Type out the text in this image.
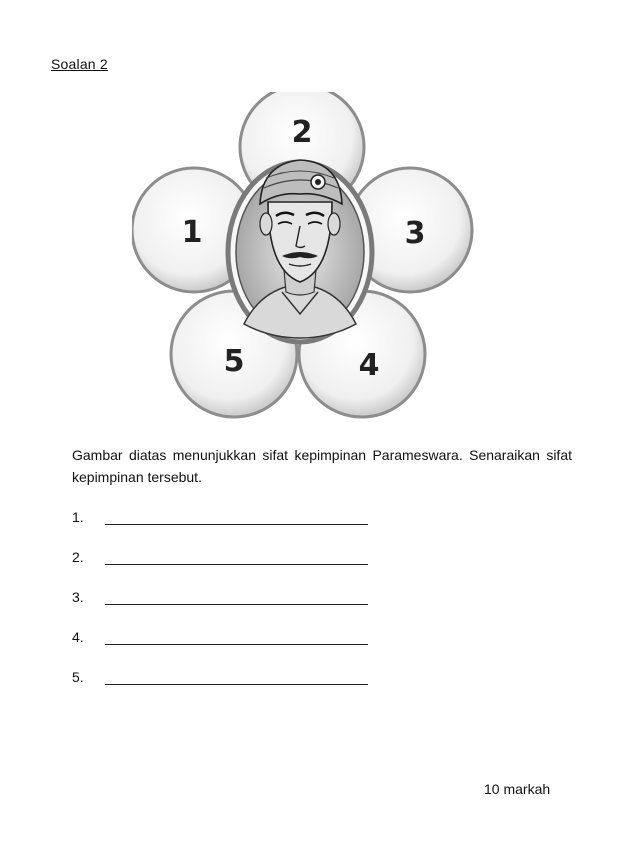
Soalan 2
2
1	3
5	4
Gambar diatas menunjukkan sifat kepimpinan Parameswara. Senaraikan sifat kepimpinan tersebut.
1.
2.
3.
4.
5.
10 markah
